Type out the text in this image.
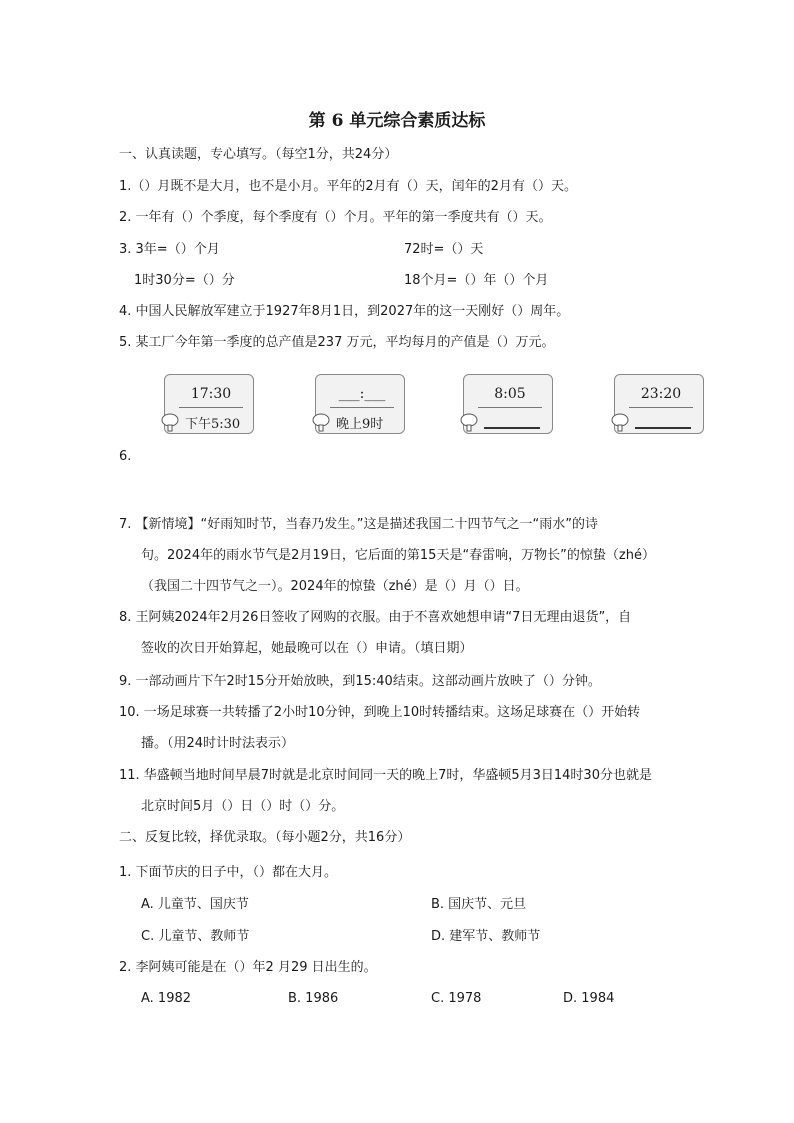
第 6 单元综合素质达标
一、认真读题，专心填写。（每空1分，共24分）
1.（）月既不是大月，也不是小月。平年的2月有（）天，闰年的2月有（）天。
2. 一年有（）个季度，每个季度有（）个月。平年的第一季度共有（）天。
3. 3年=（）个月	72时=（）天
1时30分=（）分	18个月=（）年（）个月
4. 中国人民解放军建立于1927年8月1日，到2027年的这一天刚好（）周年。
5. 某工厂今年第一季度的总产值是237 万元，平均每月的产值是（）万元。
17:30
下午5:30
___:___
晚上9时
8:05	23:20
6.
7. 【新情境】“好雨知时节，当春乃发生。”这是描述我国二十四节气之一“雨水”的诗
句。2024年的雨水节气是2月19日，它后面的第15天是“春雷响，万物长”的惊蛰（zhé）
（我国二十四节气之一）。2024年的惊蛰（zhé）是（）月（）日。
8. 王阿姨2024年2月26日签收了网购的衣服。由于不喜欢她想申请“7日无理由退货”，自
签收的次日开始算起，她最晚可以在（）申请。（填日期）
9. 一部动画片下午2时15分开始放映，到15:40结束。这部动画片放映了（）分钟。
10. 一场足球赛一共转播了2小时10分钟，到晚上10时转播结束。这场足球赛在（）开始转
播。（用24时计时法表示）
11. 华盛顿当地时间早晨7时就是北京时间同一天的晚上7时，华盛顿5月3日14时30分也就是
北京时间5月（）日（）时（）分。
二、反复比较，择优录取。（每小题2分，共16分）
1. 下面节庆的日子中，（）都在大月。
A. 儿童节、国庆节	B. 国庆节、元旦
C. 儿童节、教师节	D. 建军节、教师节
2. 李阿姨可能是在（）年2 月29 日出生的。
A. 1982	B. 1986	C. 1978	D. 1984
